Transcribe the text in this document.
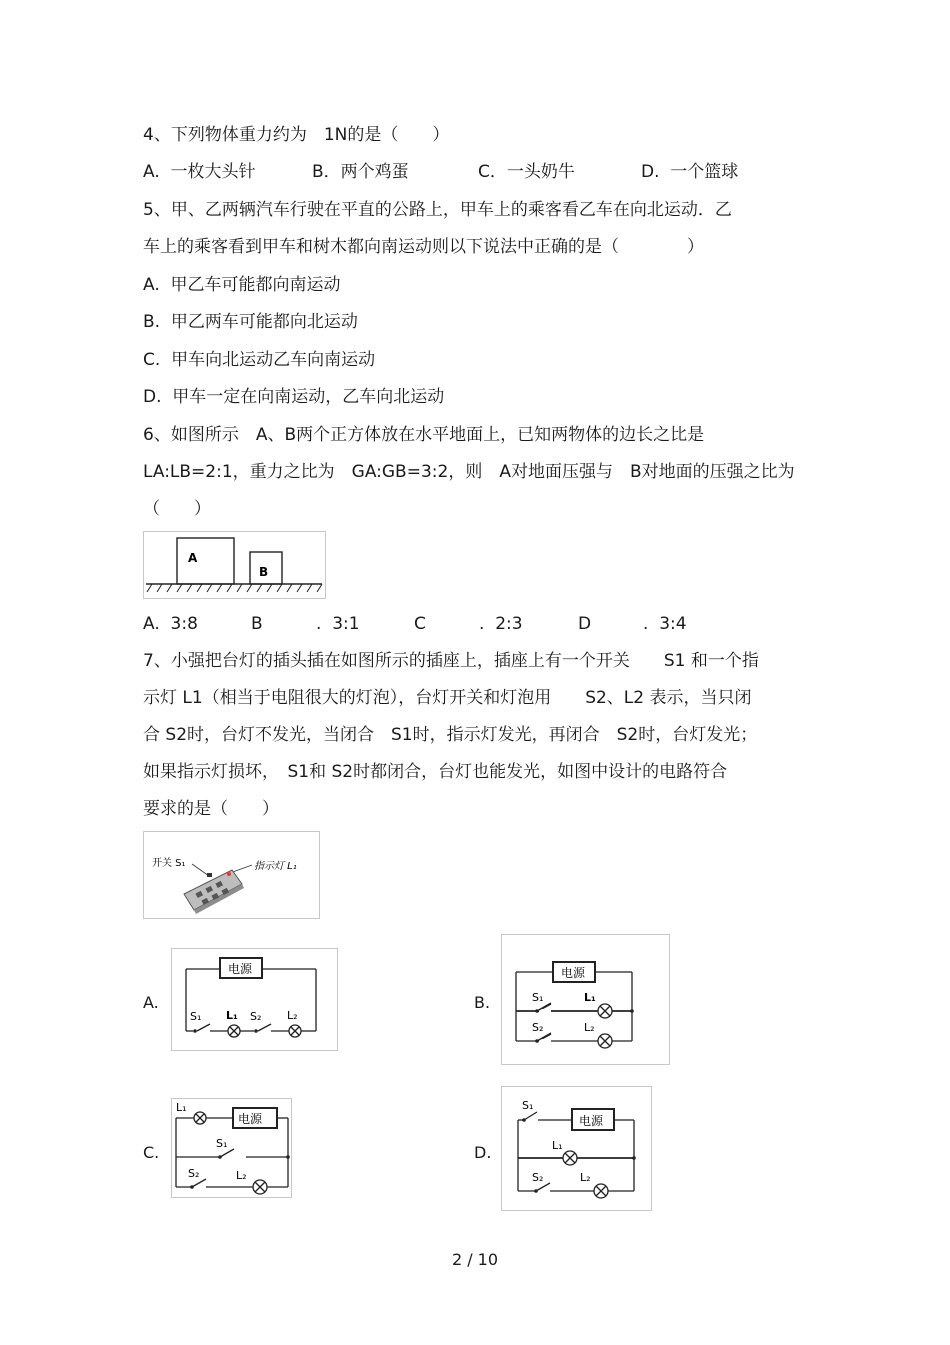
4、下列物体重力约为　1N的是（　　）
A.  一枚大头针	B．两个鸡蛋	C．一头奶牛	D.  一个篮球
5、甲、乙两辆汽车行驶在平直的公路上，甲车上的乘客看乙车在向北运动．乙
车上的乘客看到甲车和树木都向南运动则以下说法中正确的是（　　　　）
A.  甲乙车可能都向南运动
B.  甲乙两车可能都向北运动
C.  甲车向北运动乙车向南运动
D.  甲车一定在向南运动，乙车向北运动
6、如图所示　A、B两个正方体放在水平地面上，已知两物体的边长之比是
LA:LB=2:1，重力之比为　GA:GB=3:2，则　A对地面压强与　B对地面的压强之比为
（　　）
A
B
A.  3:8	B	.  3:1	C	.  2:3	D	.  3:4
7、小强把台灯的插头插在如图所示的插座上，插座上有一个开关　　S1 和一个指
示灯 L1（相当于电阻很大的灯泡），台灯开关和灯泡用　　S2、L2 表示，当只闭
合 S2时，台灯不发光，当闭合　S1时，指示灯发光，再闭合　S2时，台灯发光；
如果指示灯损坏，　S1和 S2时都闭合，台灯也能发光，如图中设计的电路符合
要求的是（　　）
开关 S₁	指示灯 L₁
A.	B.
C.	D.
电源
S₁ L₁ S₂ L₂
电源
S₁	L₁
S₂	L₂
L₁
电源
S₁
S₂	L₂
S₁
电源
L₁
S₂	L₂
2 / 10
